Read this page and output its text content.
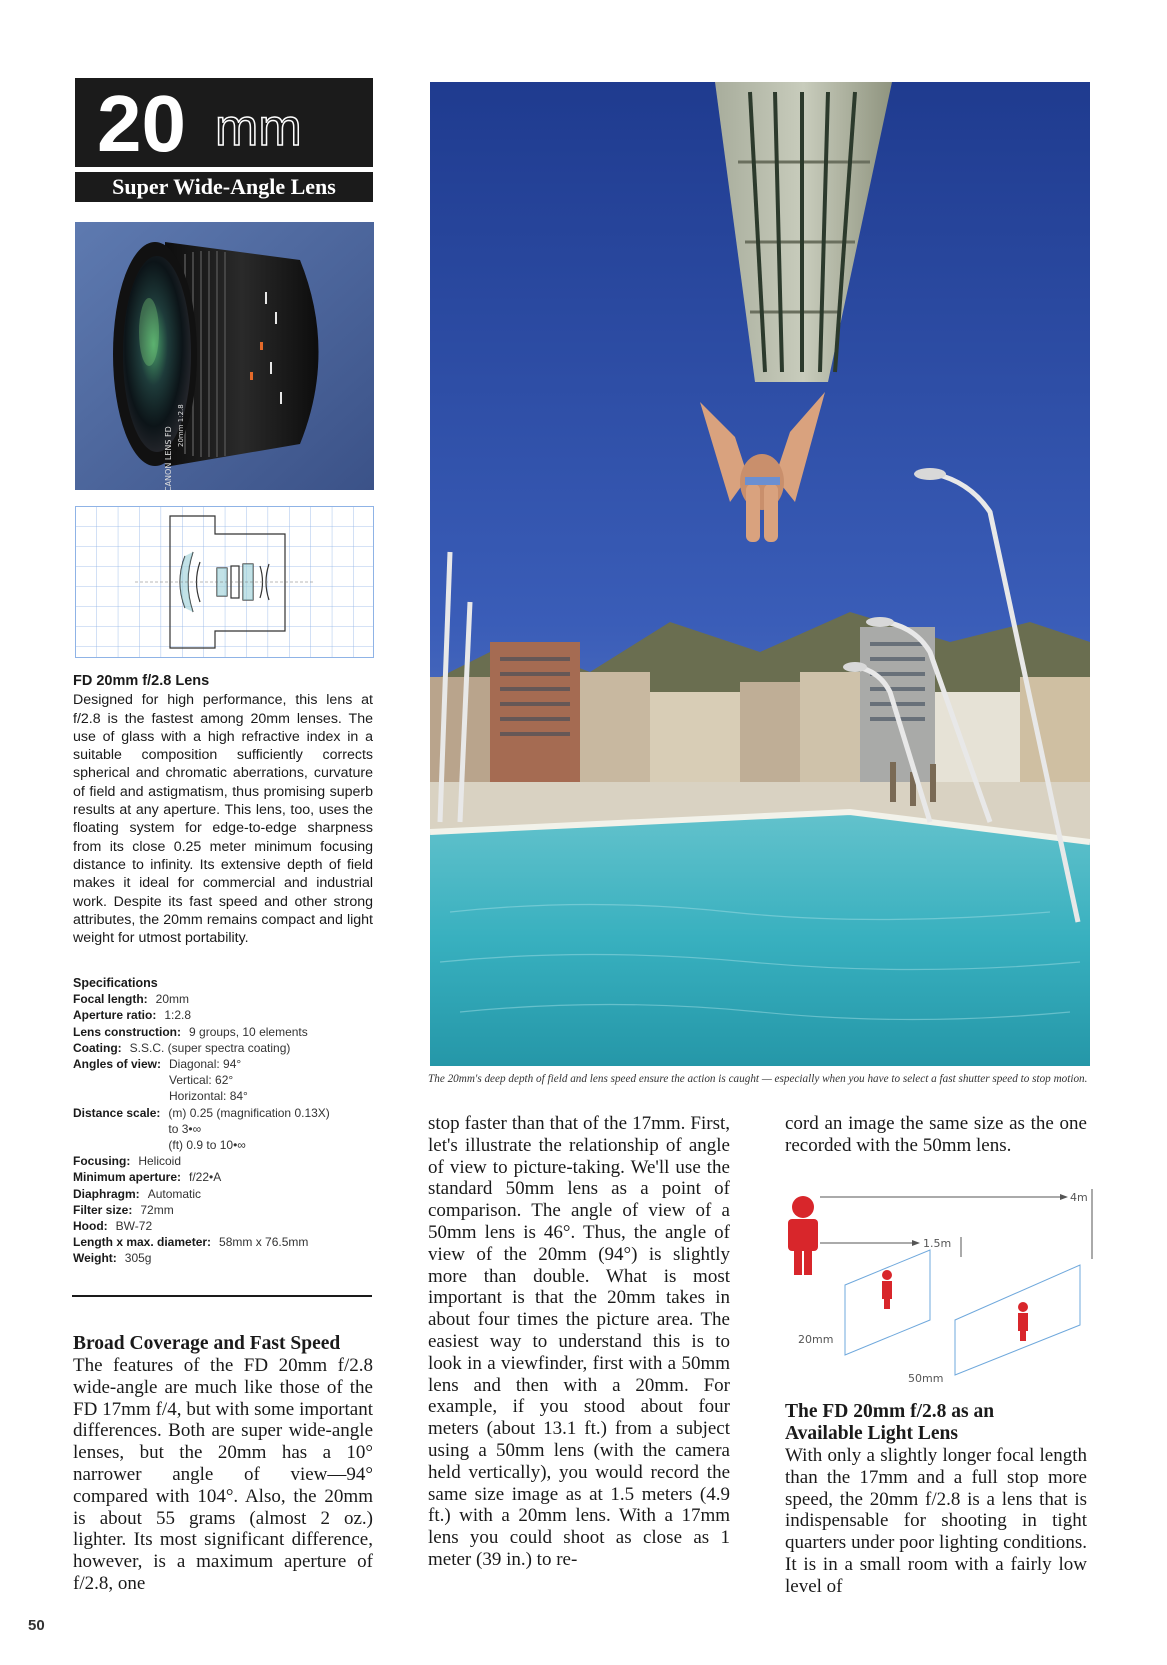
20 mm
Super Wide-Angle Lens
CANON LENS FD
20mm 1:2.8
FD 20mm f/2.8 Lens
Designed for high performance, this lens at f/2.8 is the fastest among 20mm lenses. The use of glass with a high refractive index in a suitable composition sufficiently corrects spherical and chromatic aberrations, curvature of field and astigmatism, thus promising superb results at any aperture. This lens, too, uses the floating system for edge-to-edge sharpness from its close 0.25 meter minimum focusing distance to infinity. Its extensive depth of field makes it ideal for commercial and industrial work. Despite its fast speed and other strong attributes, the 20mm remains compact and light weight for utmost portability.
Specifications
Focal length: 20mm
Aperture ratio: 1:2.8
Lens construction: 9 groups, 10 elements
Coating: S.S.C. (super spectra coating)
Angles of view: Diagonal: 94°
Vertical: 62°
Horizontal: 84°
Distance scale: (m) 0.25 (magnification 0.13X)
to 3•∞
(ft) 0.9 to 10•∞
Focusing: Helicoid
Minimum aperture: f/22•A
Diaphragm: Automatic
Filter size: 72mm
Hood: BW-72
Length x max. diameter: 58mm x 76.5mm
Weight: 305g
Broad Coverage and Fast Speed
The features of the FD 20mm f/2.8 wide-angle are much like those of the FD 17mm f/4, but with some important differences. Both are super wide-angle lenses, but the 20mm has a 10° narrower angle of view—94° compared with 104°. Also, the 20mm is about 55 grams (almost 2 oz.) lighter. Its most significant difference, however, is a maximum aperture of f/2.8, one
The 20mm's deep depth of field and lens speed ensure the action is caught — especially when you have to select a fast shutter speed to stop motion.
stop faster than that of the 17mm. First, let's illustrate the relationship of angle of view to picture-taking. We'll use the standard 50mm lens as a point of comparison. The angle of view of a 50mm lens is 46°. Thus, the angle of view of the 20mm (94°) is slightly more than double. What is most important is that the 20mm takes in about four times the picture area. The easiest way to understand this is to look in a viewfinder, first with a 50mm lens and then with a 20mm. For example, if you stood about four meters (about 13.1 ft.) from a subject using a 50mm lens (with the camera held vertically), you would record the same size image as at 1.5 meters (4.9 ft.) with a 20mm lens. With a 17mm lens you could shoot as close as 1 meter (39 in.) to re-
cord an image the same size as the one recorded with the 50mm lens.
1.5m
4m
20mm
50mm
The FD 20mm f/2.8 as an
Available Light Lens
With only a slightly longer focal length than the 17mm and a full stop more speed, the 20mm f/2.8 is a lens that is indispensable for shooting in tight quarters under poor lighting conditions. It is in a small room with a fairly low level of
50
